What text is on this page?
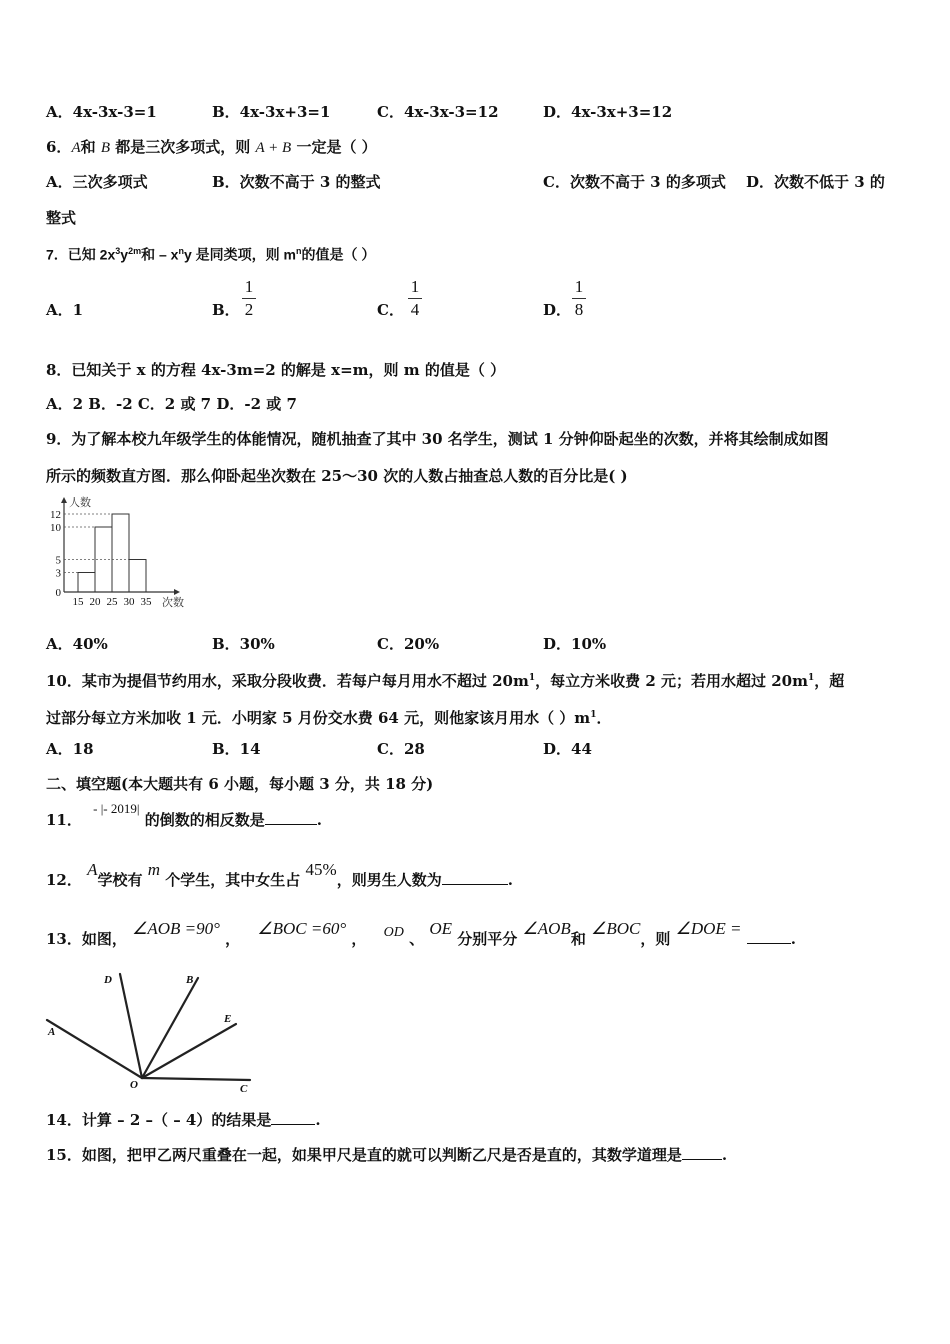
A．4x-3x-3=1	B．4x-3x+3=1	C．4x-3x-3=12	D．4x-3x+3=12
6．A和 B 都是三次多项式，则 A + B 一定是（ ）
A．三次多项式	B．次数不高于 3 的整式	C．次数不高于 3 的多项式 D．次数不低于 3 的
整式
7．已知 $2x^3y^{2m}$和 – $x^ny$ 是同类项，则 $m^n$的值是（ ）
A．1	B．
1
2	C．
1
4	D．
1
8
8．已知关于 x 的方程 4x-3m=2 的解是 x=m，则 m 的值是（ ）
A．2 B．-2 C．2 或 7 D．-2 或 7
9．为了解本校九年级学生的体能情况，随机抽查了其中 30 名学生，测试 1 分钟仰卧起坐的次数，并将其绘制成如图
所示的频数直方图．那么仰卧起坐次数在 25～30 次的人数占抽查总人数的百分比是( )
0
3
5
10
12
15 20 25 30 35
人数
次数
A．40%	B．30%	C．20%	D．10%
10．某市为提倡节约用水，采取分段收费．若每户每月用水不超过 $20m^1$，每立方米收费 2 元；若用水超过 $20m^1$，超
过部分每立方米加收 1 元．小明家 5 月份交水费 64 元，则他家该月用水（ ）$m^1$．
A．18	B．14	C．28	D．44
二、填空题(本大题共有 6 小题，每小题 3 分，共 18 分)
11． - |- 2019| 的倒数的相反数是	.
12． A学校有 m 个学生，其中女生占 45%，则男生人数为	.
13．如图， ∠AOB =90° ， ∠BOC =60° ， OD 、 OE 分别平分 ∠AOB和 ∠BOC，则 ∠DOE = .
D	B
E
A
O	C
14．计算 – 2 –（ – 4）的结果是	.
15．如图，把甲乙两尺重叠在一起，如果甲尺是直的就可以判断乙尺是否是直的，其数学道理是	.
